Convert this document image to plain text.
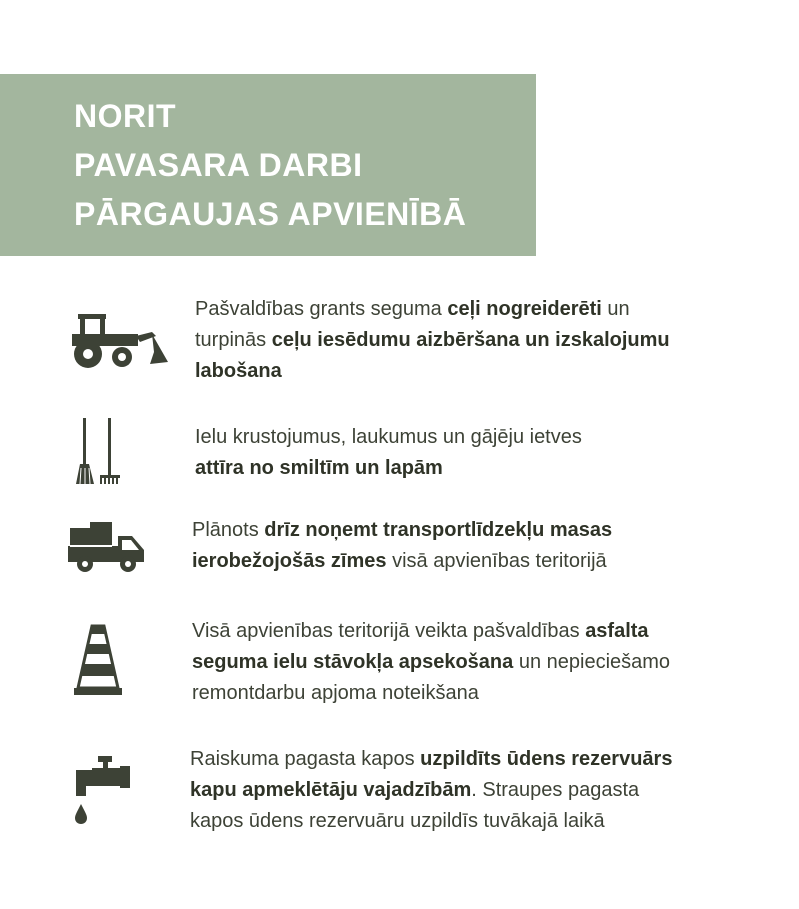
NORIT
PAVASARA DARBI
PĀRGAUJAS APVIENĪBĀ
Pašvaldības grants seguma ceļi nogreiderēti un
turpinās ceļu iesēdumu aizbēršana un izskalojumu
labošana
Ielu krustojumus, laukumus un gājēju ietves
attīra no smiltīm un lapām
Plānots drīz noņemt transportlīdzekļu masas
ierobežojošās zīmes visā apvienības teritorijā
Visā apvienības teritorijā veikta pašvaldības asfalta
seguma ielu stāvokļa apsekošana un nepieciešamo
remontdarbu apjoma noteikšana
Raiskuma pagasta kapos uzpildīts ūdens rezervuārs
kapu apmeklētāju vajadzībām. Straupes pagasta
kapos ūdens rezervuāru uzpildīs tuvākajā laikā
